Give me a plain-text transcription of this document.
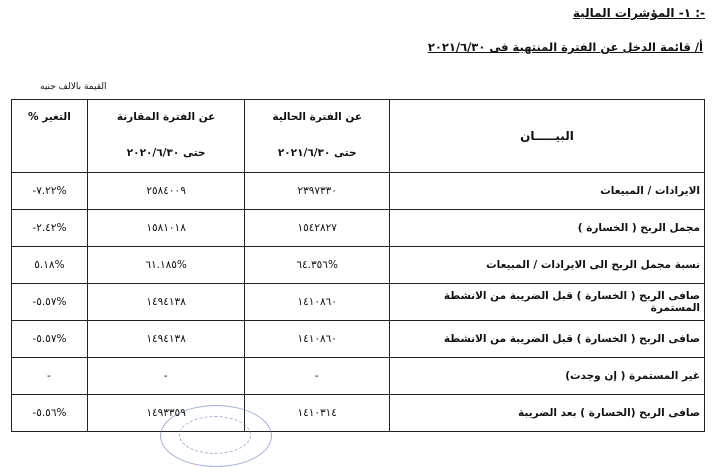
١- المؤشرات المالية :-
أ/ قائمة الدخل عن الفترة المنتهية فى ٢٠٢١/٦/٣٠
القيمة بالالف جنيه
البيـــــان	عن الفترة الحالية	عن الفترة المقارنة	التغير %
	حتى ٢٠٢١/٦/٣٠	حتى ٢٠٢٠/٦/٣٠	
الايرادات / المبيعات	٢٣٩٧٣٣٠	٢٥٨٤٠٠٩	%٧.٢٢-
مجمل الربح ( الخسارة )	١٥٤٢٨٢٧	١٥٨١٠١٨	%٢.٤٢-
نسبة مجمل الربح الى الايرادات / المبيعات	%٦٤.٣٥٦	%٦١.١٨٥	%٥.١٨
صافى الربح ( الخسارة ) قبل الضريبة من الانشطة المستمرة	١٤١٠٨٦٠	١٤٩٤١٣٨	%٥.٥٧-
صافى الربح ( الخسارة ) قبل الضريبة من الانشطة	١٤١٠٨٦٠	١٤٩٤١٣٨	%٥.٥٧-
غير المستمرة ( إن وجدت)	-	-	-
صافى الربح (الخسارة ) بعد الضريبة	١٤١٠٣١٤	١٤٩٣٣٥٩	%٥.٥٦-
